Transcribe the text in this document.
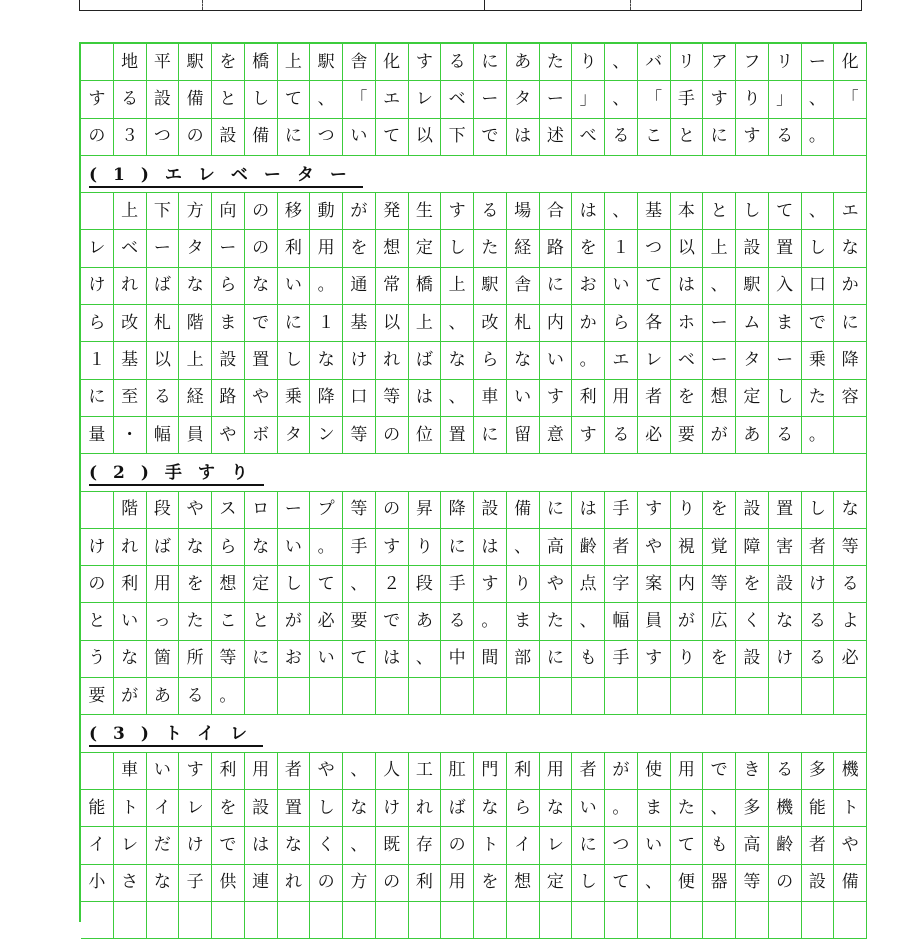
地 平 駅 を 橋 上 駅 舎 化 す る に あ た り 、 バ リ ア フ リ ー 化
す る 設 備 と し て 、 「 エ レ ベ ー タ ー 」 、 「 手 す り 」 、 「
の ３ つ の 設 備 に つ い て 以 下 で は 述 べ る こ と に す る 。
(1)エレベーター
上 下 方 向 の 移 動 が 発 生 す る 場 合 は 、 基 本 と し て 、 エ
レ ベ ー タ ー の 利 用 を 想 定 し た 経 路 を １ つ 以 上 設 置 し な
け れ ば な ら な い 。 通 常 橋 上 駅 舎 に お い て は 、 駅 入 口 か
ら 改 札 階 ま で に １ 基 以 上 、 改 札 内 か ら 各 ホ ー ム ま で に
１ 基 以 上 設 置 し な け れ ば な ら な い 。 エ レ ベ ー タ ー 乗 降
に 至 る 経 路 や 乗 降 口 等 は 、 車 い す 利 用 者 を 想 定 し た 容
量 ・ 幅 員 や ボ タ ン 等 の 位 置 に 留 意 す る 必 要 が あ る 。
(2)手すり
階 段 や ス ロ ー プ 等 の 昇 降 設 備 に は 手 す り を 設 置 し な
け れ ば な ら な い 。 手 す り に は 、 高 齢 者 や 視 覚 障 害 者 等
の 利 用 を 想 定 し て 、 ２ 段 手 す り や 点 字 案 内 等 を 設 け る
と い っ た こ と が 必 要 で あ る 。 ま た 、 幅 員 が 広 く な る よ
う な 箇 所 等 に お い て は 、 中 間 部 に も 手 す り を 設 け る 必
要 が あ る 。
(3)トイレ
車 い す 利 用 者 や 、 人 工 肛 門 利 用 者 が 使 用 で き る 多 機
能 ト イ レ を 設 置 し な け れ ば な ら な い 。 ま た 、 多 機 能 ト
イ レ だ け で は な く 、 既 存 の ト イ レ に つ い て も 高 齢 者 や
小 さ な 子 供 連 れ の 方 の 利 用 を 想 定 し て 、 便 器 等 の 設 備
